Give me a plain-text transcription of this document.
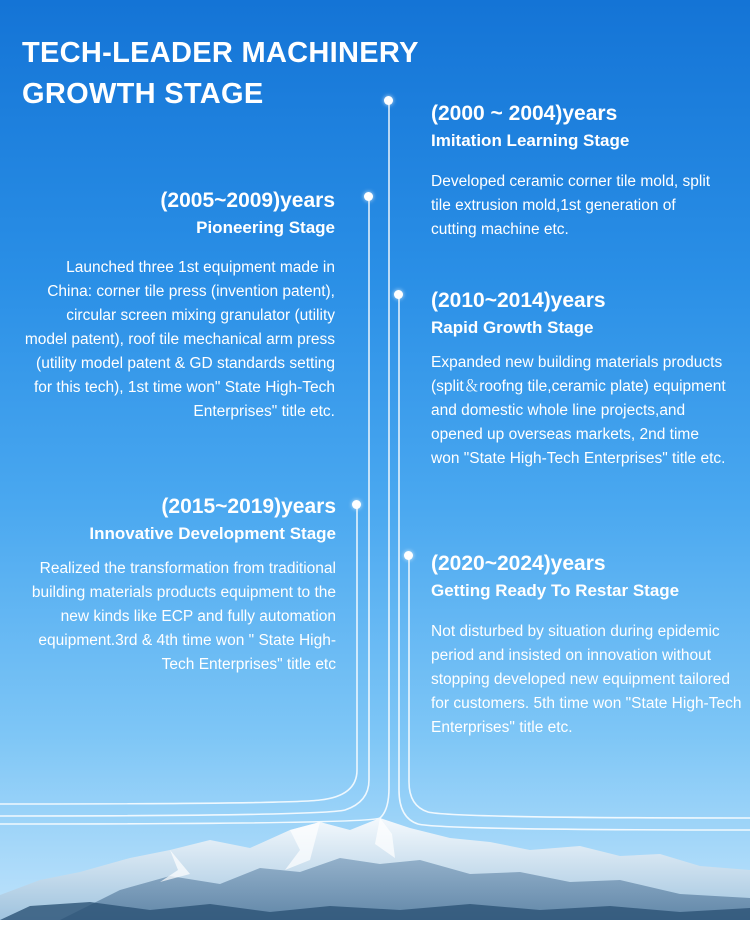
TECH-LEADER MACHINERY
GROWTH STAGE

(2000 ~ 2004)years

Imitation Learning Stage

Developed ceramic corner tile mold, split tile extrusion mold,1st generation of cutting machine etc.

(2005~2009)years

Pioneering Stage

Launched three 1st equipment made in China: corner tile press (invention patent), circular screen mixing granulator (utility model patent), roof tile mechanical arm press (utility model patent & GD standards setting for this tech), 1st time won" State High-Tech Enterprises" title etc.

(2010~2014)years

Rapid Growth Stage

Expanded new building materials products (split＆roofng tile,ceramic plate) equipment and domestic whole line projects,and opened up overseas markets, 2nd time won "State High-Tech Enterprises" title etc.

(2015~2019)years

Innovative Development Stage

Realized the transformation from traditional building materials products equipment to the new kinds like ECP and fully automation equipment.3rd & 4th time won " State High-Tech Enterprises" title etc

(2020~2024)years

Getting Ready To Restar Stage

Not disturbed by situation during epidemic period and insisted on innovation without stopping developed new equipment tailored for customers. 5th time won "State High-Tech Enterprises" title etc.
